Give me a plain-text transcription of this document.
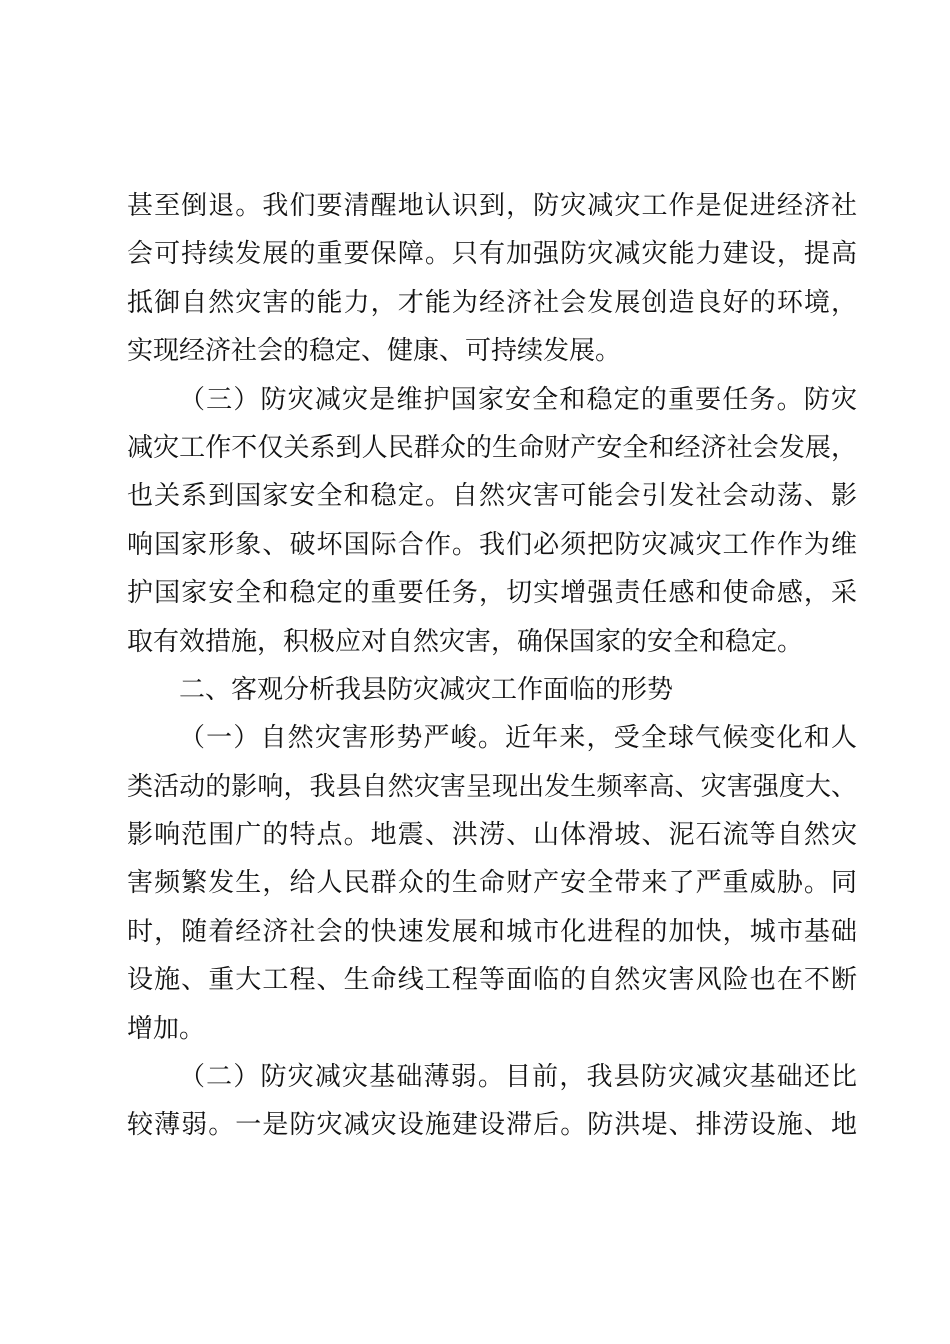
甚至倒退。我们要清醒地认识到，防灾减灾工作是促进经济社
会可持续发展的重要保障。只有加强防灾减灾能力建设，提高
抵御自然灾害的能力，才能为经济社会发展创造良好的环境，
实现经济社会的稳定、健康、可持续发展。
（三）防灾减灾是维护国家安全和稳定的重要任务。防灾
减灾工作不仅关系到人民群众的生命财产安全和经济社会发展，
也关系到国家安全和稳定。自然灾害可能会引发社会动荡、影
响国家形象、破坏国际合作。我们必须把防灾减灾工作作为维
护国家安全和稳定的重要任务，切实增强责任感和使命感，采
取有效措施，积极应对自然灾害，确保国家的安全和稳定。
二、客观分析我县防灾减灾工作面临的形势
（一）自然灾害形势严峻。近年来，受全球气候变化和人
类活动的影响，我县自然灾害呈现出发生频率高、灾害强度大、
影响范围广的特点。地震、洪涝、山体滑坡、泥石流等自然灾
害频繁发生，给人民群众的生命财产安全带来了严重威胁。同
时，随着经济社会的快速发展和城市化进程的加快，城市基础
设施、重大工程、生命线工程等面临的自然灾害风险也在不断
增加。
（二）防灾减灾基础薄弱。目前，我县防灾减灾基础还比
较薄弱。一是防灾减灾设施建设滞后。防洪堤、排涝设施、地
